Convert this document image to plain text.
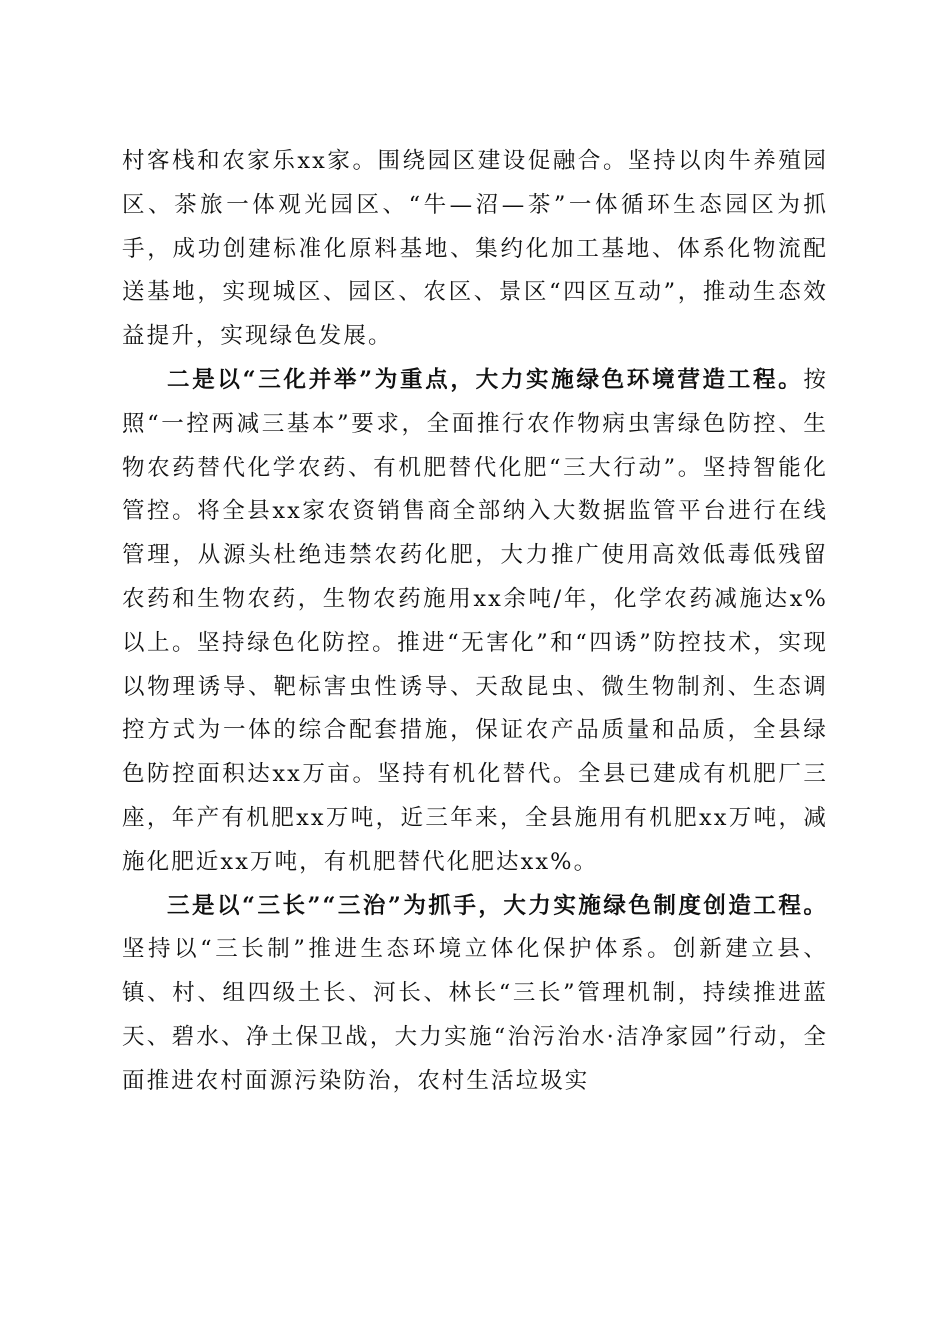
村客栈和农家乐xx家。围绕园区建设促融合。坚持以肉牛养殖园区、茶旅一体观光园区、“牛—沼—茶”一体循环生态园区为抓手，成功创建标准化原料基地、集约化加工基地、体系化物流配送基地，实现城区、园区、农区、景区“四区互动”，推动生态效益提升，实现绿色发展。

二是以“三化并举”为重点，大力实施绿色环境营造工程。按照“一控两减三基本”要求，全面推行农作物病虫害绿色防控、生物农药替代化学农药、有机肥替代化肥“三大行动”。坚持智能化管控。将全县xx家农资销售商全部纳入大数据监管平台进行在线管理，从源头杜绝违禁农药化肥，大力推广使用高效低毒低残留农药和生物农药，生物农药施用xx余吨/年，化学农药减施达x%以上。坚持绿色化防控。推进“无害化”和“四诱”防控技术，实现以物理诱导、靶标害虫性诱导、天敌昆虫、微生物制剂、生态调控方式为一体的综合配套措施，保证农产品质量和品质，全县绿色防控面积达xx万亩。坚持有机化替代。全县已建成有机肥厂三座，年产有机肥xx万吨，近三年来，全县施用有机肥xx万吨，减施化肥近xx万吨，有机肥替代化肥达xx%。

三是以“三长”“三治”为抓手，大力实施绿色制度创造工程。坚持以“三长制”推进生态环境立体化保护体系。创新建立县、镇、村、组四级土长、河长、林长“三长”管理机制，持续推进蓝天、碧水、净土保卫战，大力实施“治污治水·洁净家园”行动，全面推进农村面源污染防治，农村生活垃圾实
